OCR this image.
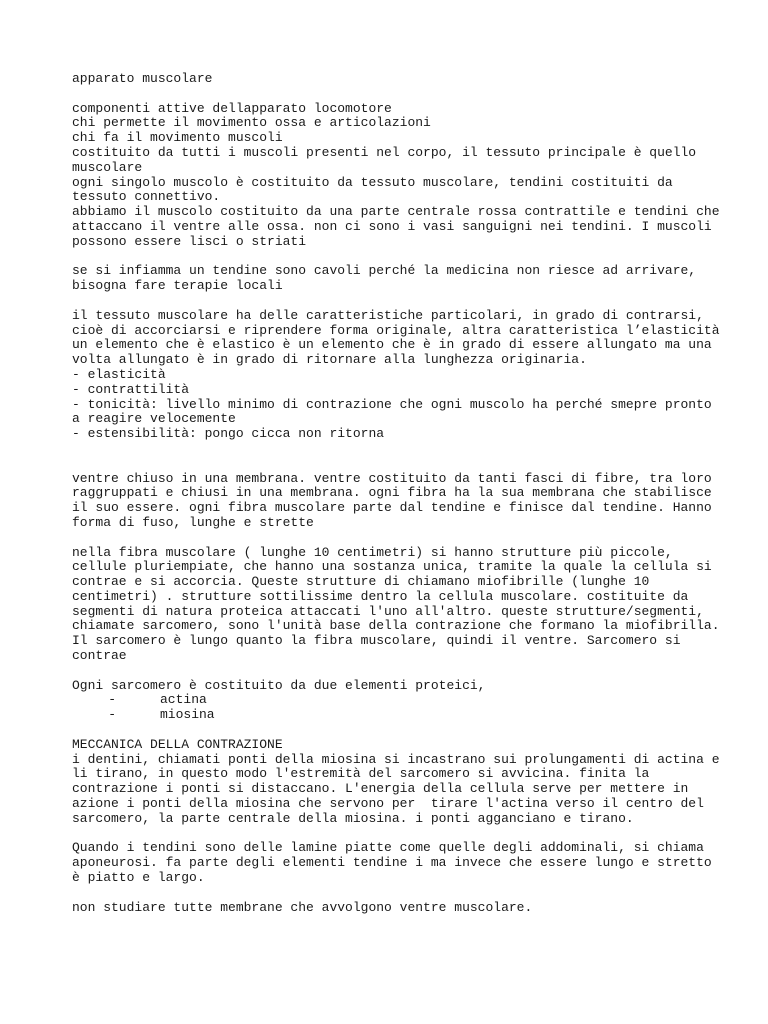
apparato muscolare
componenti attive dellapparato locomotore
chi permette il movimento ossa e articolazioni
chi fa il movimento muscoli
costituito da tutti i muscoli presenti nel corpo, il tessuto principale è quello
muscolare
ogni singolo muscolo è costituito da tessuto muscolare, tendini costituiti da
tessuto connettivo.
abbiamo il muscolo costituito da una parte centrale rossa contrattile e tendini che
attaccano il ventre alle ossa. non ci sono i vasi sanguigni nei tendini. I muscoli
possono essere lisci o striati
se si infiamma un tendine sono cavoli perché la medicina non riesce ad arrivare,
bisogna fare terapie locali
il tessuto muscolare ha delle caratteristiche particolari, in grado di contrarsi,
cioè di accorciarsi e riprendere forma originale, altra caratteristica l’elasticità
un elemento che è elastico è un elemento che è in grado di essere allungato ma una
volta allungato è in grado di ritornare alla lunghezza originaria.
- elasticità
- contrattilità
- tonicità: livello minimo di contrazione che ogni muscolo ha perché smepre pronto
a reagire velocemente
- estensibilità: pongo cicca non ritorna
ventre chiuso in una membrana. ventre costituito da tanti fasci di fibre, tra loro
raggruppati e chiusi in una membrana. ogni fibra ha la sua membrana che stabilisce
il suo essere. ogni fibra muscolare parte dal tendine e finisce dal tendine. Hanno
forma di fuso, lunghe e strette
nella fibra muscolare ( lunghe 10 centimetri) si hanno strutture più piccole,
cellule pluriempiate, che hanno una sostanza unica, tramite la quale la cellula si
contrae e si accorcia. Queste strutture di chiamano miofibrille (lunghe 10
centimetri) . strutture sottilissime dentro la cellula muscolare. costituite da
segmenti di natura proteica attaccati l'uno all'altro. queste strutture/segmenti,
chiamate sarcomero, sono l'unità base della contrazione che formano la miofibrilla.
Il sarcomero è lungo quanto la fibra muscolare, quindi il ventre. Sarcomero si
contrae
Ogni sarcomero è costituito da due elementi proteici,
-	actina
-	miosina
MECCANICA DELLA CONTRAZIONE
i dentini, chiamati ponti della miosina si incastrano sui prolungamenti di actina e
li tirano, in questo modo l'estremità del sarcomero si avvicina. finita la
contrazione i ponti si distaccano. L'energia della cellula serve per mettere in
azione i ponti della miosina che servono per  tirare l'actina verso il centro del
sarcomero, la parte centrale della miosina. i ponti agganciano e tirano.
Quando i tendini sono delle lamine piatte come quelle degli addominali, si chiama
aponeurosi. fa parte degli elementi tendine i ma invece che essere lungo e stretto
è piatto e largo.
non studiare tutte membrane che avvolgono ventre muscolare.
